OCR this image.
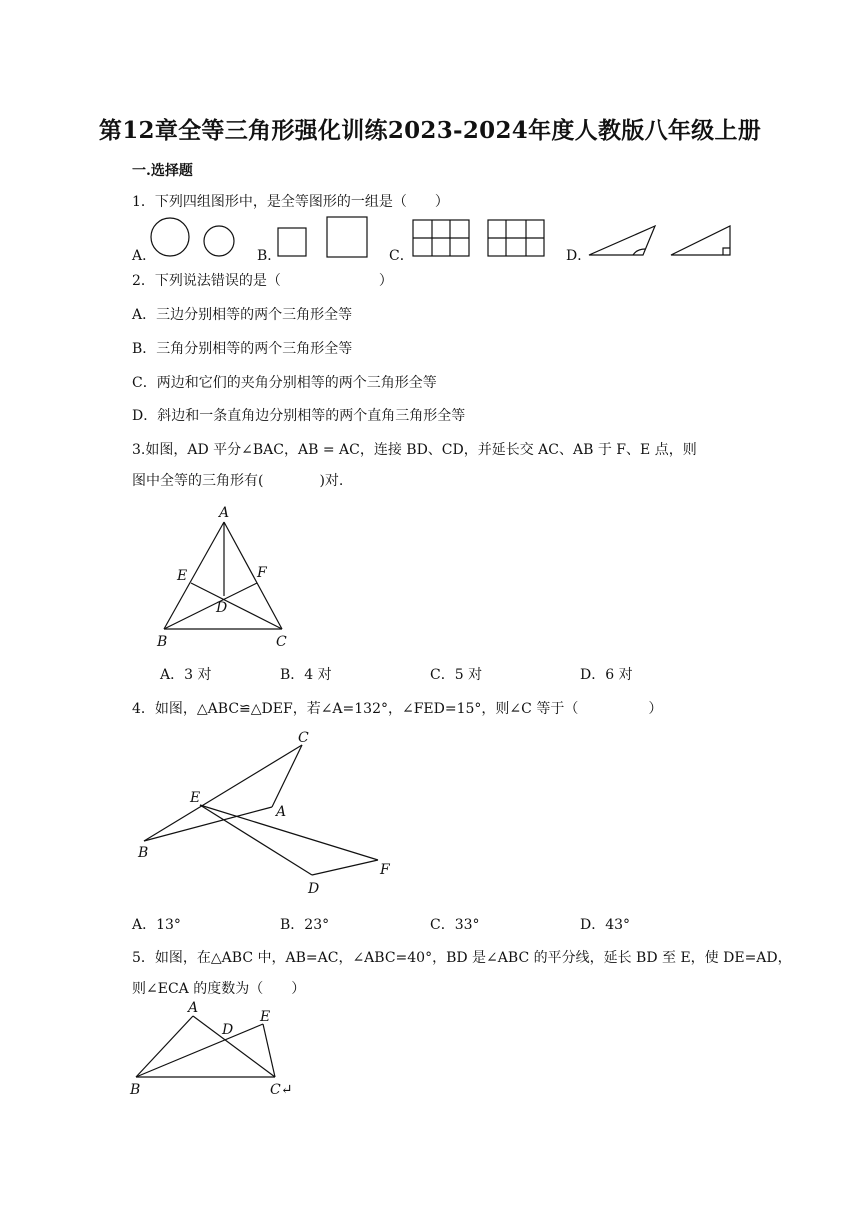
第12章全等三角形强化训练2023-2024年度人教版八年级上册
一.选择题
1．下列四组图形中，是全等图形的一组是（　　）
A．	B．	C．	D．
2．下列说法错误的是（　　　　　　　）
A．三边分别相等的两个三角形全等
B．三角分别相等的两个三角形全等
C．两边和它们的夹角分别相等的两个三角形全等
D．斜边和一条直角边分别相等的两个直角三角形全等
3.如图，AD 平分∠BAC，AB = AC，连接 BD、CD，并延长交 AC、AB 于 F、E 点，则
图中全等的三角形有(　　　　)对.
A
B	C
D
E	F
A．3 对	B．4 对	C．5 对	D．6 对
4．如图，△ABC≌△DEF，若∠A=132°，∠FED=15°，则∠C 等于（　　　　　）
C
E
A
B
F
D
A．13°	B．23°	C．33°	D．43°
5．如图，在△ABC 中，AB=AC，∠ABC=40°，BD 是∠ABC 的平分线，延长 BD 至 E，使 DE=AD，
则∠ECA 的度数为（　　）
A
D
E
B	C↵
